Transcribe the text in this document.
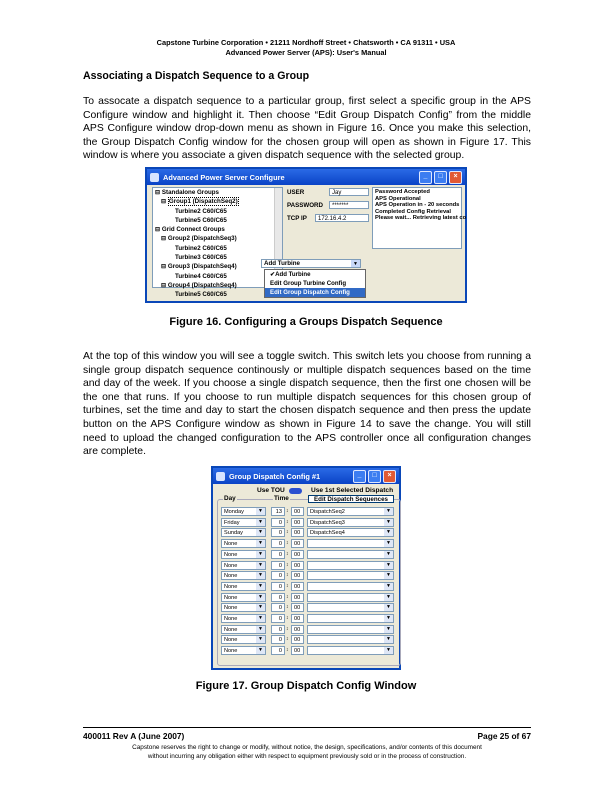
Capstone Turbine Corporation • 21211 Nordhoff Street • Chatsworth • CA 91311 • USA
Advanced Power Server (APS): User's Manual
Associating a Dispatch Sequence to a Group
To assocate a dispatch sequence to a particular group, first select a specific group in the APS Configure window and highlight it. Then choose “Edit Group Dispatch Config” from the middle APS Configure window drop-down menu as shown in Figure 16. Once you make this selection, the Group Dispatch Config window for the chosen group will open as shown in Figure 17. This window is where you associate a given dispatch sequence with the selected group.
Advanced Power Server Configure	_	□	×
⊟ Standalone Groups
⊟ Group1 (DispatchSeq2)
Turbine2 C60/C65
Turbine5 C60/C65
⊟ Grid Connect Groups
⊟ Group2 (DispatchSeq3)
Turbine2 C60/C65
Turbine3 C60/C65
⊟ Group3 (DispatchSeq4)
Turbine4 C60/C65
⊟ Group4 (DispatchSeq4)
Turbine5 C60/C65
USER	Jay
PASSWORD	*******
TCP IP	172.16.4.2
Password Accepted
APS Operational
APS Operation in - 20 seconds
Completed Config Retrieval
Please wait... Retrieving latest co
Add Turbine	▼
✔Add Turbine
Edit Group Turbine Config
Edit Group Dispatch Config
Figure 16. Configuring a Groups Dispatch Sequence
At the top of this window you will see a toggle switch. This switch lets you choose from running a single group dispatch sequence continously or multiple dispatch sequences based on the time and day of the week. If you choose a single dispatch sequence, then the first one chosen will be the one that runs. If you choose to run multiple dispatch sequences for this chosen group of turbines, set the time and day to start the chosen dispatch sequence and then press the update button on the APS Configure window as shown in Figure 14 to save the change. You will still need to upload the changed configuration to the APS controller once all configuration changes are complete.
Group Dispatch Config #1	_	□	×
Use TOU	Use 1st Selected Dispatch
Day	Time	Edit Dispatch Sequences
Monday	▼	13 ↕ 00	DispatchSeq2	▼
Friday	▼	0 ↕ 00	DispatchSeq3	▼
Sunday	▼	0 ↕ 00	DispatchSeq4	▼
None	▼	0 ↕ 00	▼
None	▼	0 ↕ 00	▼
None	▼	0 ↕ 00	▼
None	▼	0 ↕ 00	▼
None	▼	0 ↕ 00	▼
None	▼	0 ↕ 00	▼
None	▼	0 ↕ 00	▼
None	▼	0 ↕ 00	▼
None	▼	0 ↕ 00	▼
None	▼	0 ↕ 00	▼
None	▼	0 ↕ 00	▼
Figure 17. Group Dispatch Config Window
400011 Rev A (June 2007)	Page 25 of 67
Capstone reserves the right to change or modify, without notice, the design, specifications, and/or contents of this document
without incurring any obligation either with respect to equipment previously sold or in the process of construction.
